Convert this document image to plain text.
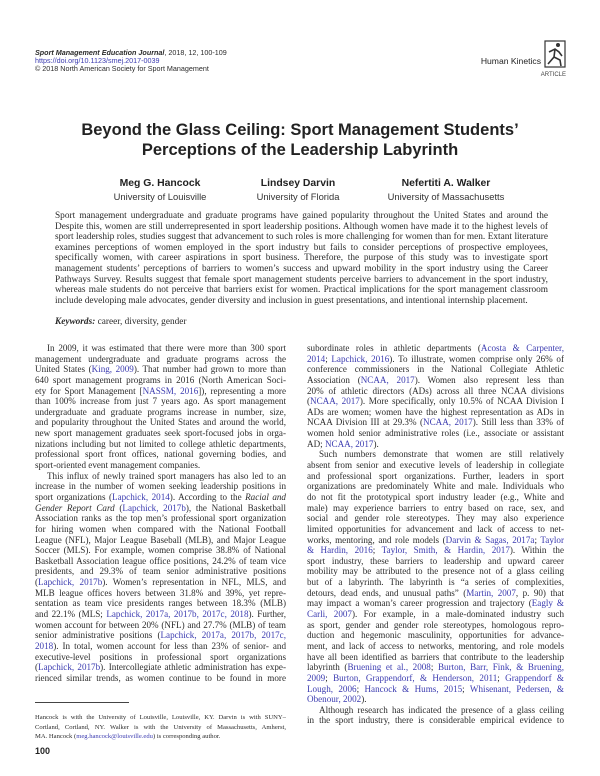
Sport Management Education Journal, 2018, 12, 100-109
https://doi.org/10.1123/smej.2017-0039
© 2018 North American Society for Sport Management
Human Kinetics
ARTICLE
Beyond the Glass Ceiling: Sport Management Students’
Perceptions of the Leadership Labyrinth
Meg G. Hancock
University of Louisville
Lindsey Darvin
University of Florida
Nefertiti A. Walker
University of Massachusetts
Sport management undergraduate and graduate programs have gained popularity throughout the United States and around the
Despite this, women are still underrepresented in sport leadership positions. Although women have made it to the highest levels of
sport leadership roles, studies suggest that advancement to such roles is more challenging for women than for men. Extant literature
examines perceptions of women employed in the sport industry but fails to consider perceptions of prospective employees,
specifically women, with career aspirations in sport business. Therefore, the purpose of this study was to investigate sport
management students’ perceptions of barriers to women’s success and upward mobility in the sport industry using the Career
Pathways Survey. Results suggest that female sport management students perceive barriers to advancement in the sport industry,
whereas male students do not perceive that barriers exist for women. Practical implications for the sport management classroom
include developing male advocates, gender diversity and inclusion in guest presentations, and intentional internship placement.
Keywords: career, diversity, gender
In 2009, it was estimated that there were more than 300 sport
management undergraduate and graduate programs across the
United States (King, 2009). That number had grown to more than
640 sport management programs in 2016 (North American Soci-
ety for Sport Management [NASSM, 2016]), representing a more
than 100% increase from just 7 years ago. As sport management
undergraduate and graduate programs increase in number, size,
and popularity throughout the United States and around the world,
new sport management graduates seek sport-focused jobs in orga-
nizations including but not limited to college athletic departments,
professional sport front offices, national governing bodies, and
sport-oriented event management companies.
This influx of newly trained sport managers has also led to an
increase in the number of women seeking leadership positions in
sport organizations (Lapchick, 2014). According to the Racial and
Gender Report Card (Lapchick, 2017b), the National Basketball
Association ranks as the top men’s professional sport organization
for hiring women when compared with the National Football
League (NFL), Major League Baseball (MLB), and Major League
Soccer (MLS). For example, women comprise 38.8% of National
Basketball Association league office positions, 24.2% of team vice
presidents, and 29.3% of team senior administrative positions
(Lapchick, 2017b). Women’s representation in NFL, MLS, and
MLB league offices hovers between 31.8% and 39%, yet repre-
sentation as team vice presidents ranges between 18.3% (MLB)
and 22.1% (MLS; Lapchick, 2017a, 2017b, 2017c, 2018). Further,
women account for between 20% (NFL) and 27.7% (MLB) of team
senior administrative positions (Lapchick, 2017a, 2017b, 2017c,
2018). In total, women account for less than 23% of senior- and
executive-level positions in professional sport organizations
(Lapchick, 2017b). Intercollegiate athletic administration has expe-
rienced similar trends, as women continue to be found in more
subordinate roles in athletic departments (Acosta & Carpenter,
2014; Lapchick, 2016). To illustrate, women comprise only 26% of
conference commissioners in the National Collegiate Athletic
Association (NCAA, 2017). Women also represent less than
20% of athletic directors (ADs) across all three NCAA divisions
(NCAA, 2017). More specifically, only 10.5% of NCAA Division I
ADs are women; women have the highest representation as ADs in
NCAA Division III at 29.3% (NCAA, 2017). Still less than 33% of
women hold senior administrative roles (i.e., associate or assistant
AD; NCAA, 2017).
Such numbers demonstrate that women are still relatively
absent from senior and executive levels of leadership in collegiate
and professional sport organizations. Further, leaders in sport
organizations are predominately White and male. Individuals who
do not fit the prototypical sport industry leader (e.g., White and
male) may experience barriers to entry based on race, sex, and
social and gender role stereotypes. They may also experience
limited opportunities for advancement and lack of access to net-
works, mentoring, and role models (Darvin & Sagas, 2017a; Taylor
& Hardin, 2016; Taylor, Smith, & Hardin, 2017). Within the
sport industry, these barriers to leadership and upward career
mobility may be attributed to the presence not of a glass ceiling
but of a labyrinth. The labyrinth is “a series of complexities,
detours, dead ends, and unusual paths” (Martin, 2007, p. 90) that
may impact a woman’s career progression and trajectory (Eagly &
Carli, 2007). For example, in a male-dominated industry such
as sport, gender and gender role stereotypes, homologous repro-
duction and hegemonic masculinity, opportunities for advance-
ment, and lack of access to networks, mentoring, and role models
have all been identified as barriers that contribute to the leadership
labyrinth (Bruening et al., 2008; Burton, Barr, Fink, & Bruening,
2009; Burton, Grappendorf, & Henderson, 2011; Grappendorf &
Lough, 2006; Hancock & Hums, 2015; Whisenant, Pedersen, &
Obenour, 2002).
Although research has indicated the presence of a glass ceiling
in the sport industry, there is considerable empirical evidence to
Hancock is with the University of Louisville, Louisville, KY. Darvin is with SUNY–
Cortland, Cortland, NY. Walker is with the University of Massachusetts, Amherst,
MA. Hancock (meg.hancock@louisville.edu) is corresponding author.
100
